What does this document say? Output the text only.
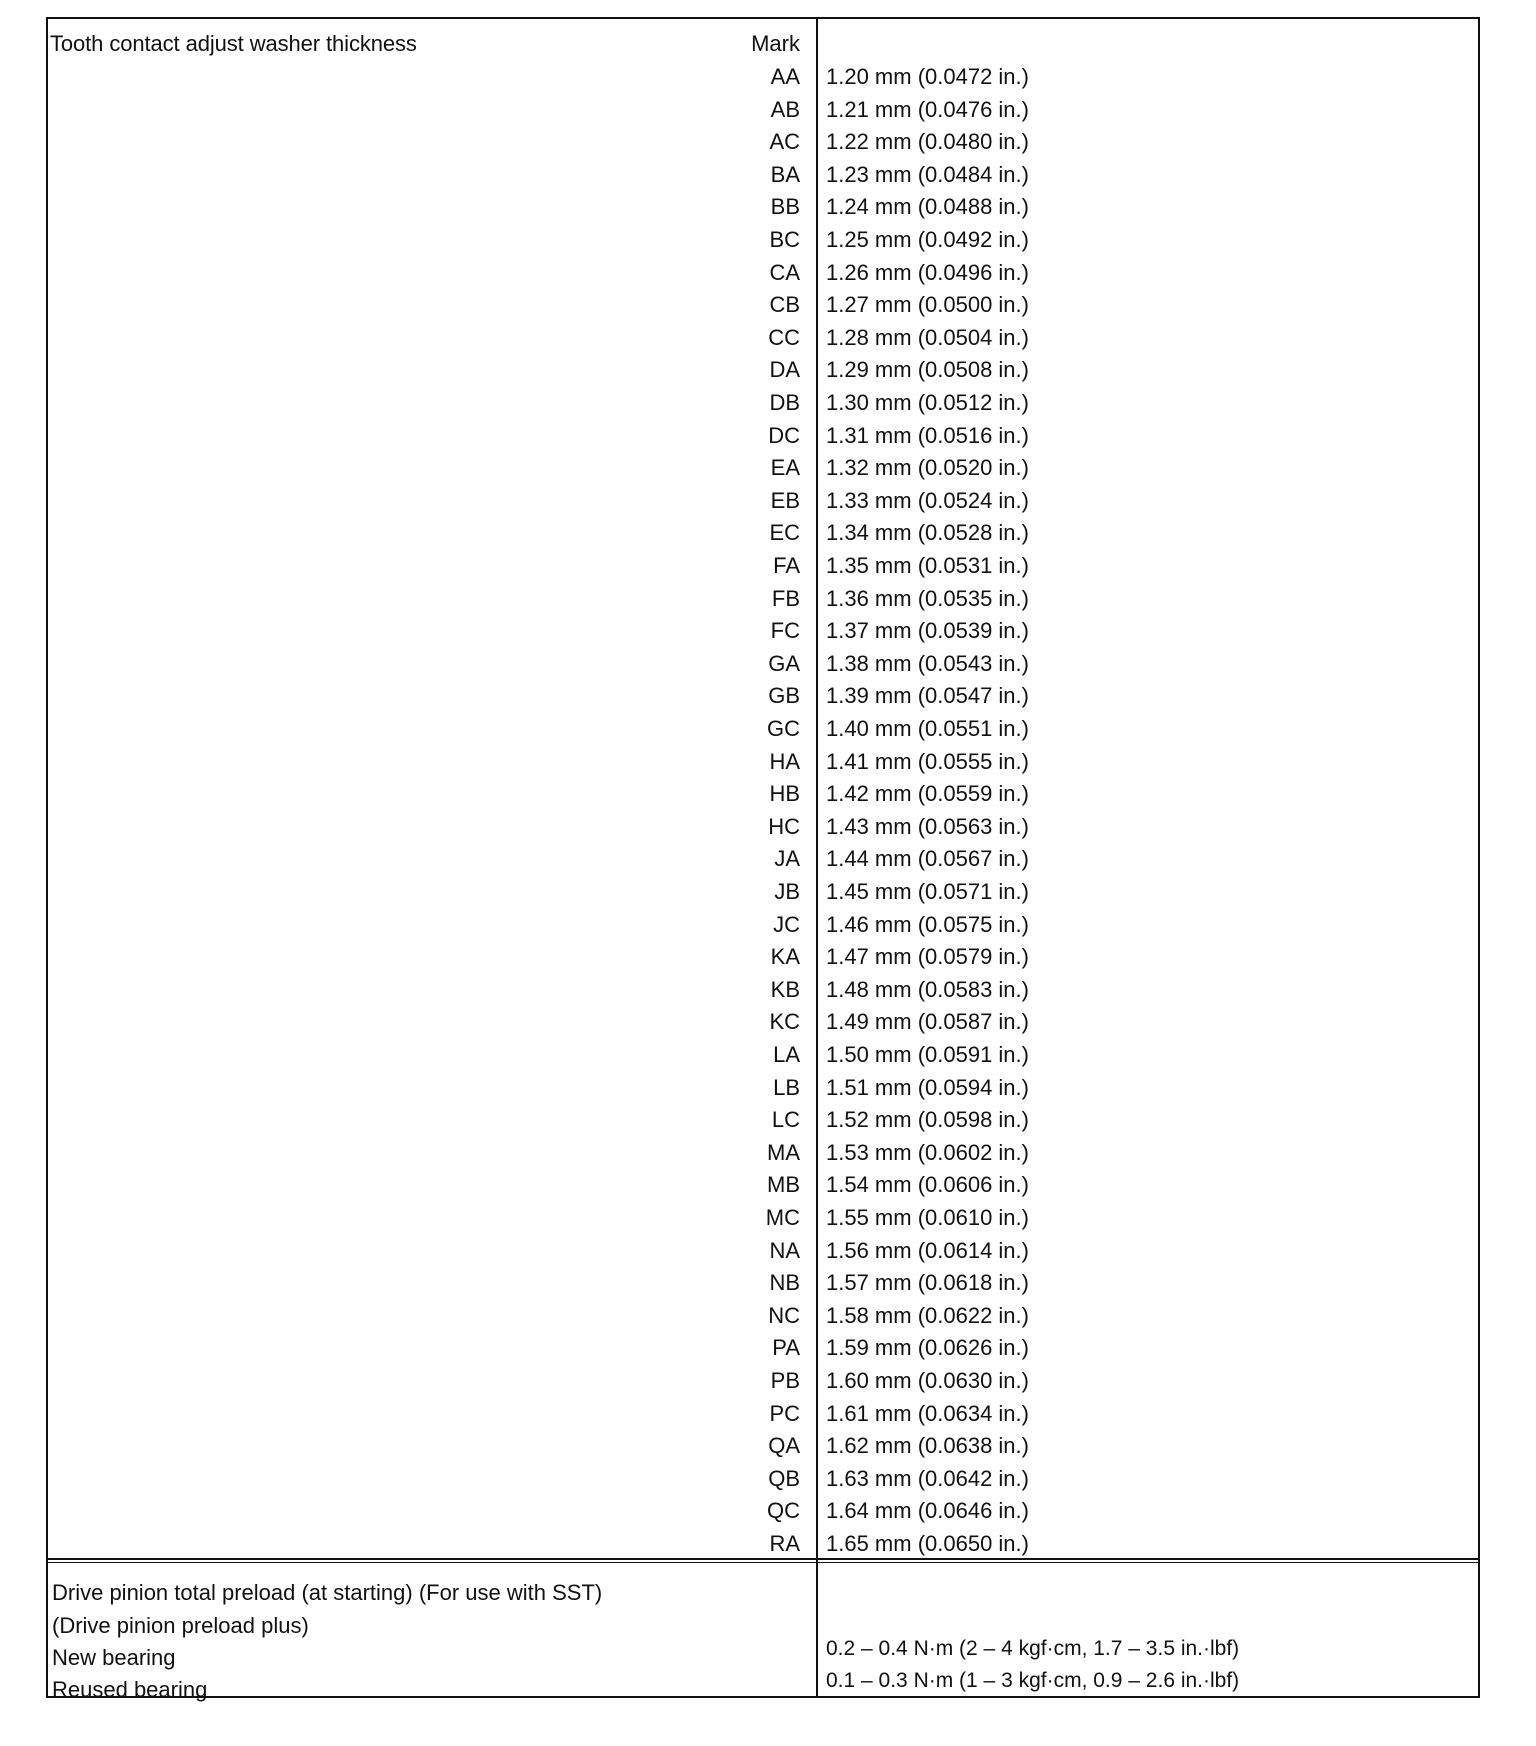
Tooth contact adjust washer thickness	Mark
AA 1.20 mm (0.0472 in.)
AB 1.21 mm (0.0476 in.)
AC 1.22 mm (0.0480 in.)
BA 1.23 mm (0.0484 in.)
BB 1.24 mm (0.0488 in.)
BC 1.25 mm (0.0492 in.)
CA 1.26 mm (0.0496 in.)
CB 1.27 mm (0.0500 in.)
CC 1.28 mm (0.0504 in.)
DA 1.29 mm (0.0508 in.)
DB 1.30 mm (0.0512 in.)
DC 1.31 mm (0.0516 in.)
EA 1.32 mm (0.0520 in.)
EB 1.33 mm (0.0524 in.)
EC 1.34 mm (0.0528 in.)
FA 1.35 mm (0.0531 in.)
FB 1.36 mm (0.0535 in.)
FC 1.37 mm (0.0539 in.)
GA 1.38 mm (0.0543 in.)
GB 1.39 mm (0.0547 in.)
GC 1.40 mm (0.0551 in.)
HA 1.41 mm (0.0555 in.)
HB 1.42 mm (0.0559 in.)
HC 1.43 mm (0.0563 in.)
JA 1.44 mm (0.0567 in.)
JB 1.45 mm (0.0571 in.)
JC 1.46 mm (0.0575 in.)
KA 1.47 mm (0.0579 in.)
KB 1.48 mm (0.0583 in.)
KC 1.49 mm (0.0587 in.)
LA 1.50 mm (0.0591 in.)
LB 1.51 mm (0.0594 in.)
LC 1.52 mm (0.0598 in.)
MA 1.53 mm (0.0602 in.)
MB 1.54 mm (0.0606 in.)
MC 1.55 mm (0.0610 in.)
NA 1.56 mm (0.0614 in.)
NB 1.57 mm (0.0618 in.)
NC 1.58 mm (0.0622 in.)
PA 1.59 mm (0.0626 in.)
PB 1.60 mm (0.0630 in.)
PC 1.61 mm (0.0634 in.)
QA 1.62 mm (0.0638 in.)
QB 1.63 mm (0.0642 in.)
QC 1.64 mm (0.0646 in.)
RA 1.65 mm (0.0650 in.)
Drive pinion total preload (at starting) (For use with SST)
(Drive pinion preload plus)
New bearing	0.2 – 0.4 N·m (2 – 4 kgf·cm, 1.7 – 3.5 in.·lbf)
Reused bearing	0.1 – 0.3 N·m (1 – 3 kgf·cm, 0.9 – 2.6 in.·lbf)
